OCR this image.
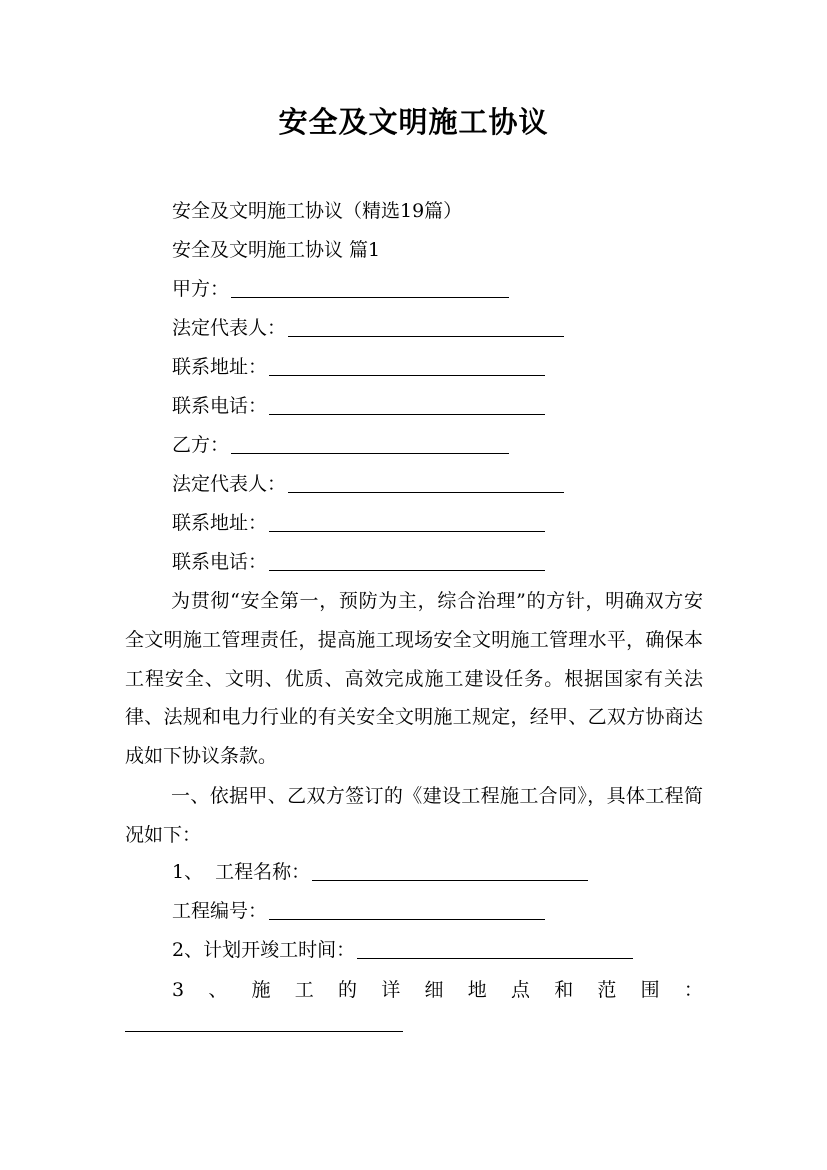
安全及文明施工协议
安全及文明施工协议（精选19篇）
安全及文明施工协议 篇1
甲方：
法定代表人：
联系地址：
联系电话：
乙方：
法定代表人：
联系地址：
联系电话：

为贯彻“安全第一，预防为主，综合治理”的方针，明确双方安全文明施工管理责任，提高施工现场安全文明施工管理水平，确保本工程安全、文明、优质、高效完成施工建设任务。根据国家有关法律、法规和电力行业的有关安全文明施工规定，经甲、乙双方协商达成如下协议条款。

一、依据甲、乙双方签订的《建设工程施工合同》，具体工程简况如下：

1、  工程名称：
工程编号：
2、计划开竣工时间：
3 、 施 工 的 详 细 地 点 和 范 围 ：
